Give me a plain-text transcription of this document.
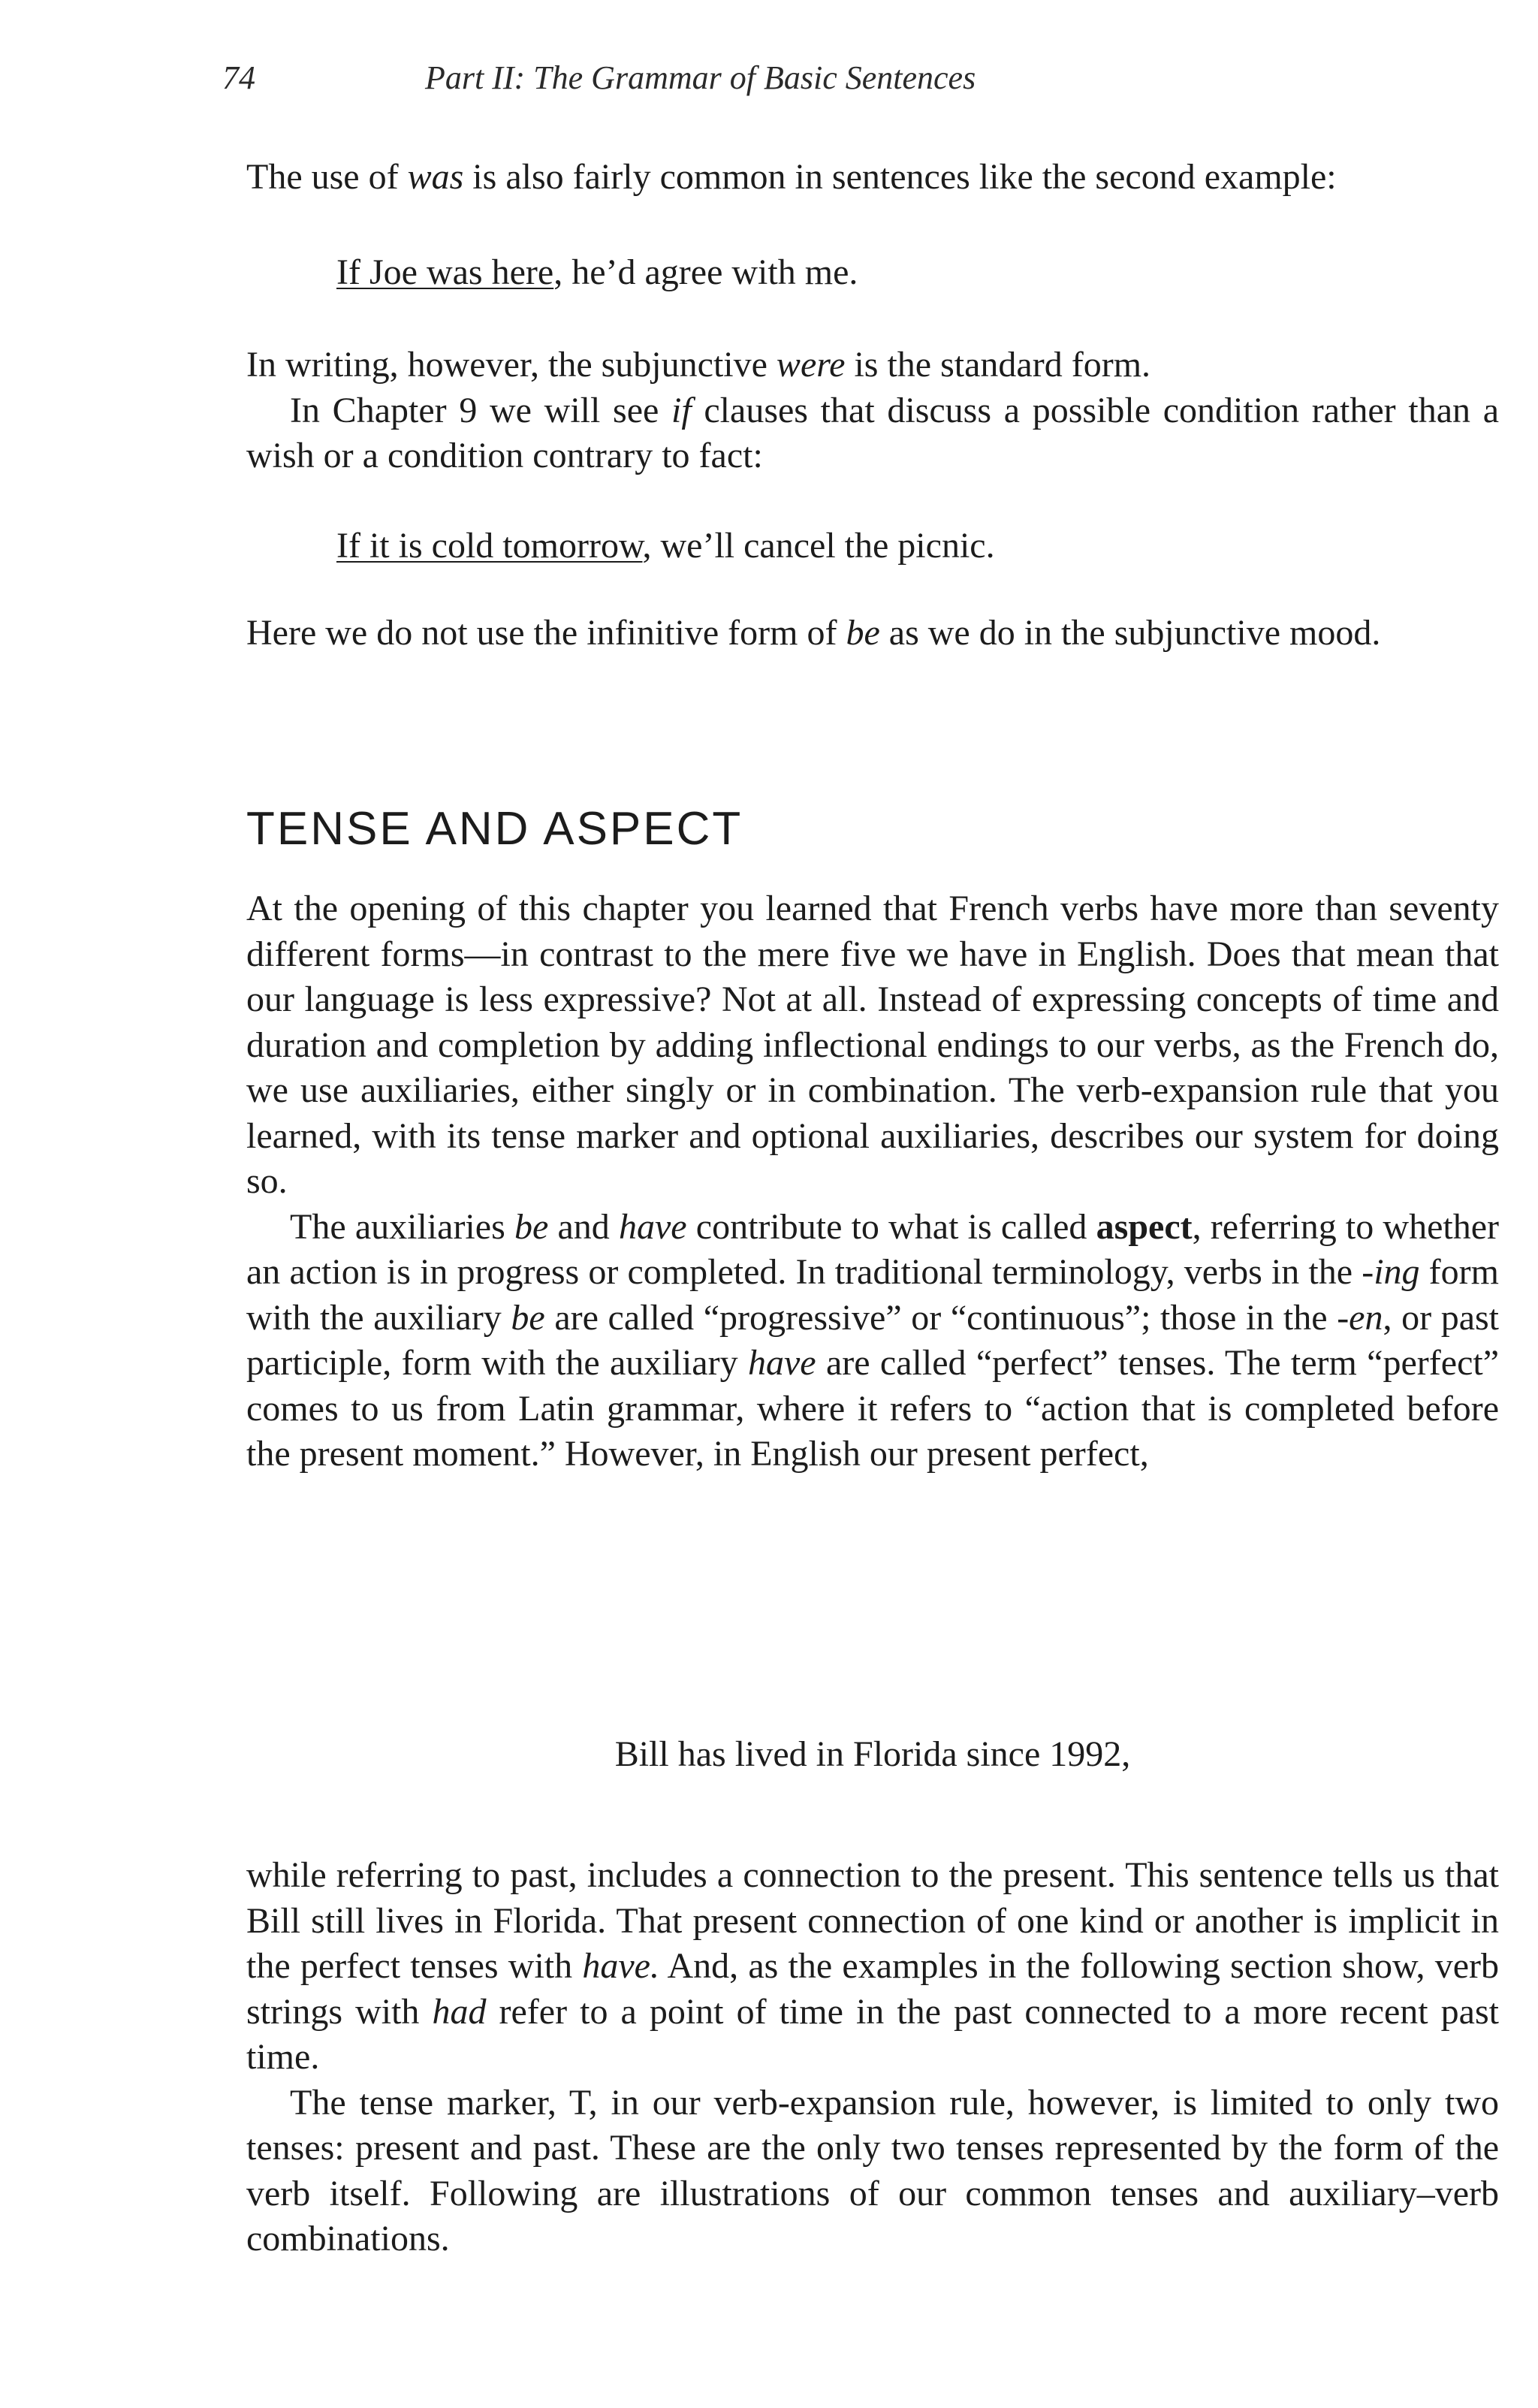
74	Part II: The Grammar of Basic Sentences

The use of was is also fairly common in sentences like the second example:

If Joe was here, he’d agree with me.

In writing, however, the subjunctive were is the standard form.

In Chapter 9 we will see if clauses that discuss a possible condition rather than a wish or a condition contrary to fact:

If it is cold tomorrow, we’ll cancel the picnic.

Here we do not use the infinitive form of be as we do in the subjunctive mood.

TENSE AND ASPECT

At the opening of this chapter you learned that French verbs have more than seventy different forms—in contrast to the mere five we have in English. Does that mean that our language is less expressive? Not at all. Instead of expressing concepts of time and duration and completion by adding inflectional endings to our verbs, as the French do, we use auxiliaries, either singly or in combination. The verb-expansion rule that you learned, with its tense marker and optional auxiliaries, describes our system for doing so.

The auxiliaries be and have contribute to what is called aspect, referring to whether an action is in progress or completed. In traditional terminology, verbs in the -ing form with the auxiliary be are called “progressive” or “continuous”; those in the -en, or past participle, form with the auxiliary have are called “perfect” tenses. The term “perfect” comes to us from Latin grammar, where it refers to “action that is completed before the present moment.” However, in English our present perfect,

Bill has lived in Florida since 1992,

while referring to past, includes a connection to the present. This sentence tells us that Bill still lives in Florida. That present connection of one kind or another is implicit in the perfect tenses with have. And, as the examples in the following section show, verb strings with had refer to a point of time in the past connected to a more recent past time.

The tense marker, T, in our verb-expansion rule, however, is limited to only two tenses: present and past. These are the only two tenses represented by the form of the verb itself. Following are illustrations of our common tenses and auxiliary–verb combinations.
